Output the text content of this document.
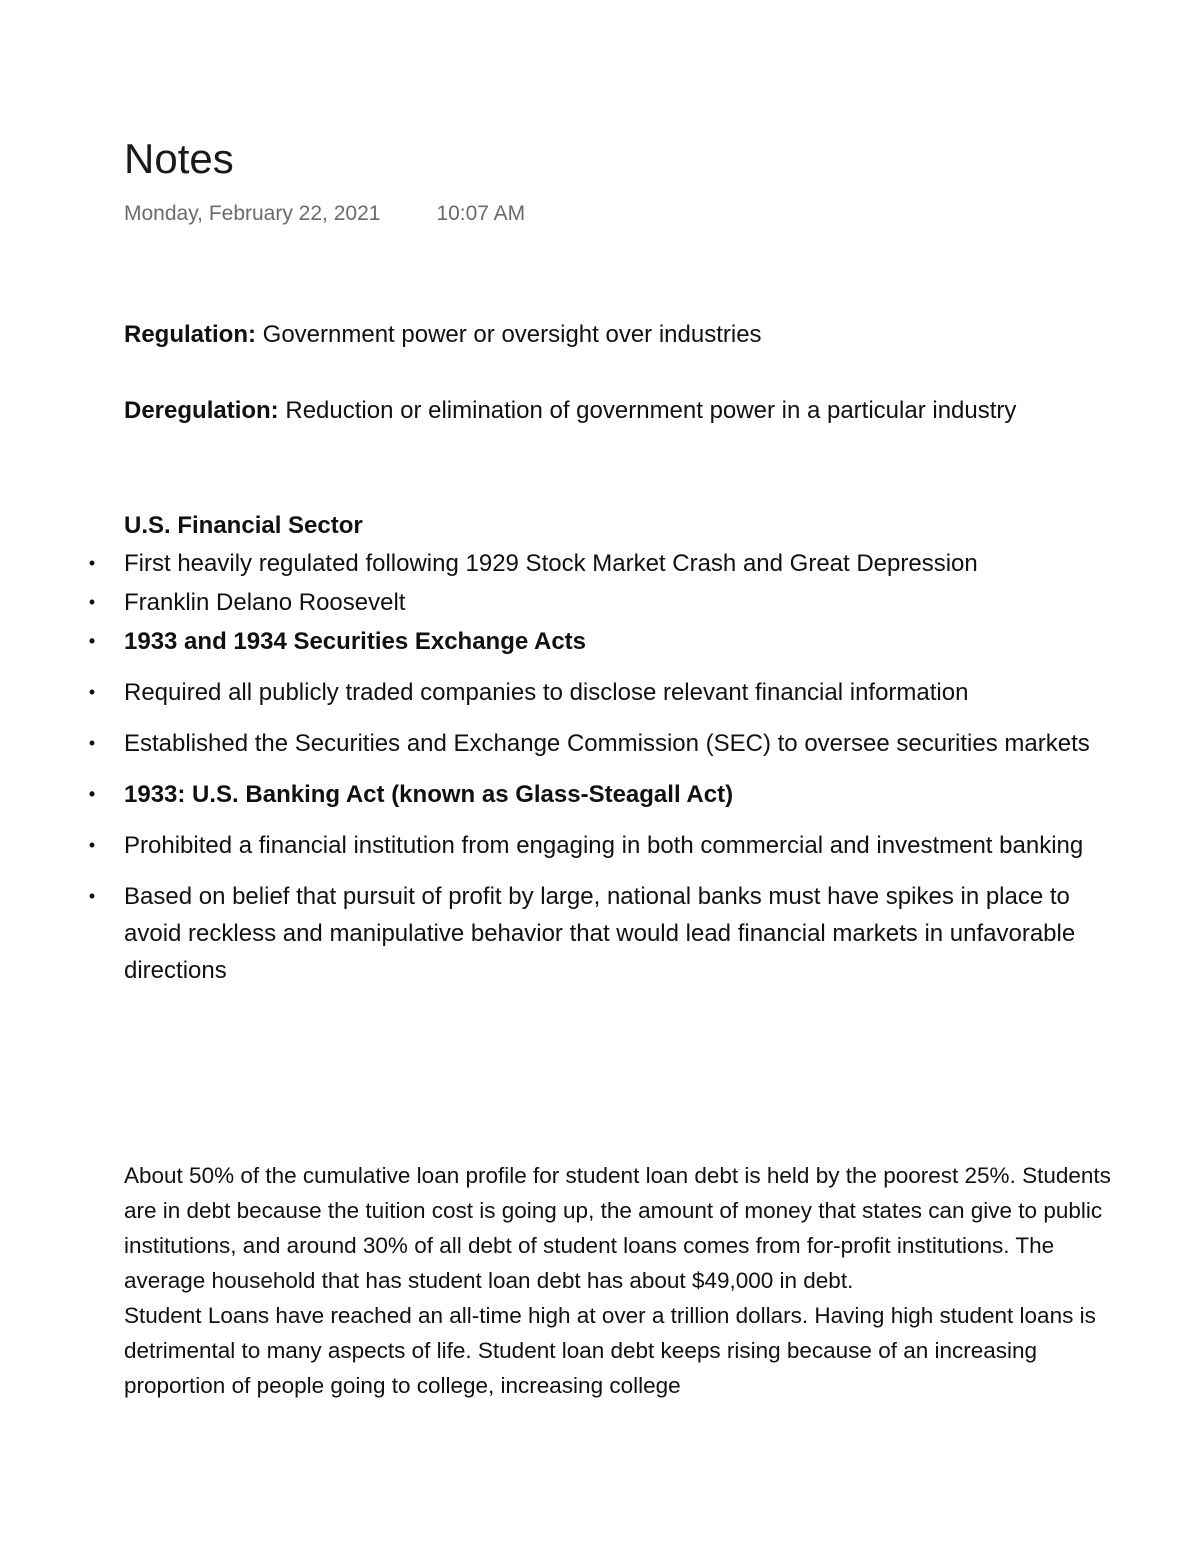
Notes
Monday, February 22, 2021	10:07 AM

Regulation: Government power or oversight over industries

Deregulation: Reduction or elimination of government power in a particular industry

U.S. Financial Sector
• First heavily regulated following 1929 Stock Market Crash and Great Depression
• Franklin Delano Roosevelt
• 1933 and 1934 Securities Exchange Acts
• Required all publicly traded companies to disclose relevant financial information
• Established the Securities and Exchange Commission (SEC) to oversee securities markets
• 1933: U.S. Banking Act (known as Glass-Steagall Act)
• Prohibited a financial institution from engaging in both commercial and investment banking
• Based on belief that pursuit of profit by large, national banks must have spikes in place to avoid reckless and manipulative behavior that would lead financial markets in unfavorable directions

About 50% of the cumulative loan profile for student loan debt is held by the poorest 25%. Students are in debt because the tuition cost is going up, the amount of money that states can give to public institutions, and around 30% of all debt of student loans comes from for-profit institutions. The average household that has student loan debt has about $49,000 in debt.

Student Loans have reached an all-time high at over a trillion dollars. Having high student loans is detrimental to many aspects of life. Student loan debt keeps rising because of an increasing proportion of people going to college, increasing college
